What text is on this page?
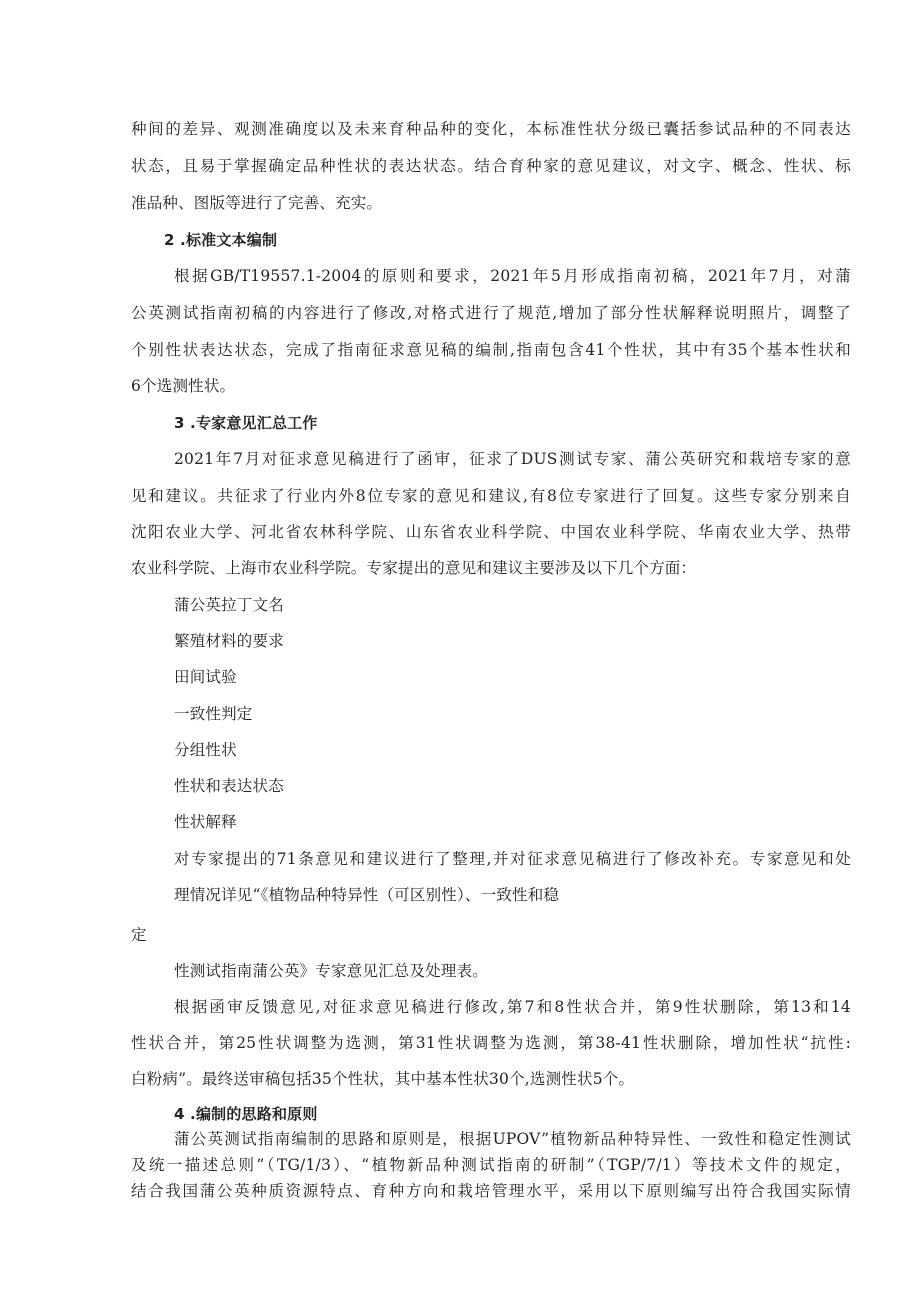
种间的差异、观测准确度以及未来育种品种的变化，本标准性状分级已囊括参试品种的不同表达
状态，且易于掌握确定品种性状的表达状态。结合育种家的意见建议，对文字、概念、性状、标
准品种、图版等进行了完善、充实。
2 .标准文本编制
根据GB/T19557.1-2004的原则和要求，2021年5月形成指南初稿，2021年7月，对蒲
公英测试指南初稿的内容进行了修改,对格式进行了规范,增加了部分性状解释说明照片，调整了
个别性状表达状态，完成了指南征求意见稿的编制,指南包含41个性状，其中有35个基本性状和
6个选测性状。
3 .专家意见汇总工作
2021年7月对征求意见稿进行了函审，征求了DUS测试专家、蒲公英研究和栽培专家的意
见和建议。共征求了行业内外8位专家的意见和建议,有8位专家进行了回复。这些专家分别来自
沈阳农业大学、河北省农林科学院、山东省农业科学院、中国农业科学院、华南农业大学、热带
农业科学院、上海市农业科学院。专家提出的意见和建议主要涉及以下几个方面：
蒲公英拉丁文名
繁殖材料的要求
田间试验
一致性判定
分组性状
性状和表达状态
性状解释
对专家提出的71条意见和建议进行了整理,并对征求意见稿进行了修改补充。专家意见和处
理情况详见“《植物品种特异性（可区别性）、一致性和稳
定
性测试指南蒲公英》专家意见汇总及处理表。
根据函审反馈意见,对征求意见稿进行修改,第7和8性状合并，第9性状删除，第13和14
性状合并，第25性状调整为选测，第31性状调整为选测，第38-41性状删除，增加性状“抗性:
白粉病”。最终送审稿包括35个性状，其中基本性状30个,选测性状5个。
4 .编制的思路和原则
蒲公英测试指南编制的思路和原则是，根据UPOV”植物新品种特异性、一致性和稳定性测试
及统一描述总则”（TG/1/3）、“植物新品种测试指南的研制”（TGP/7/1）等技术文件的规定，
结合我国蒲公英种质资源特点、育种方向和栽培管理水平，采用以下原则编写出符合我国实际情
